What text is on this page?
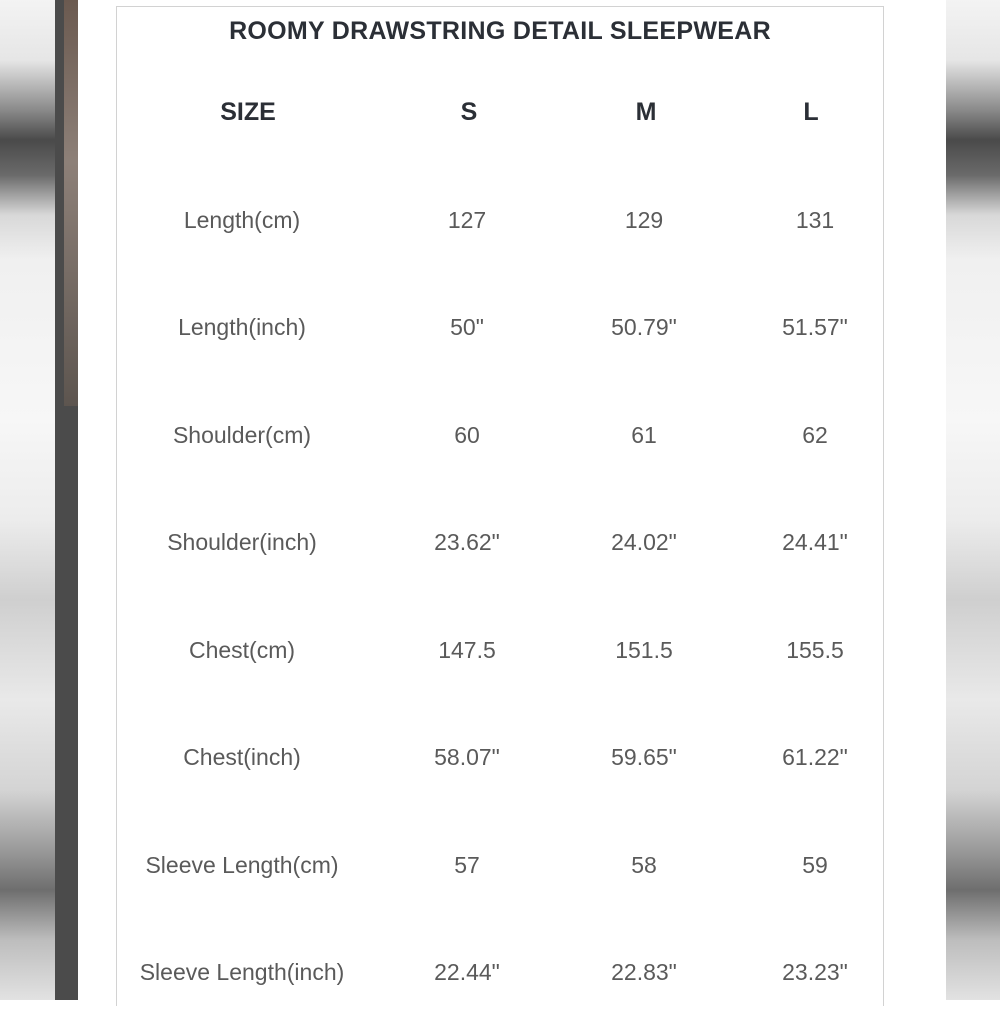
ROOMY DRAWSTRING DETAIL SLEEPWEAR
SIZE	S	M	L
Length(cm)	127	129	131
Length(inch)	50"	50.79"	51.57"
Shoulder(cm)	60	61	62
Shoulder(inch)	23.62"	24.02"	24.41"
Chest(cm)	147.5	151.5	155.5
Chest(inch)	58.07"	59.65"	61.22"
Sleeve Length(cm)	57	58	59
Sleeve Length(inch)	22.44"	22.83"	23.23"
